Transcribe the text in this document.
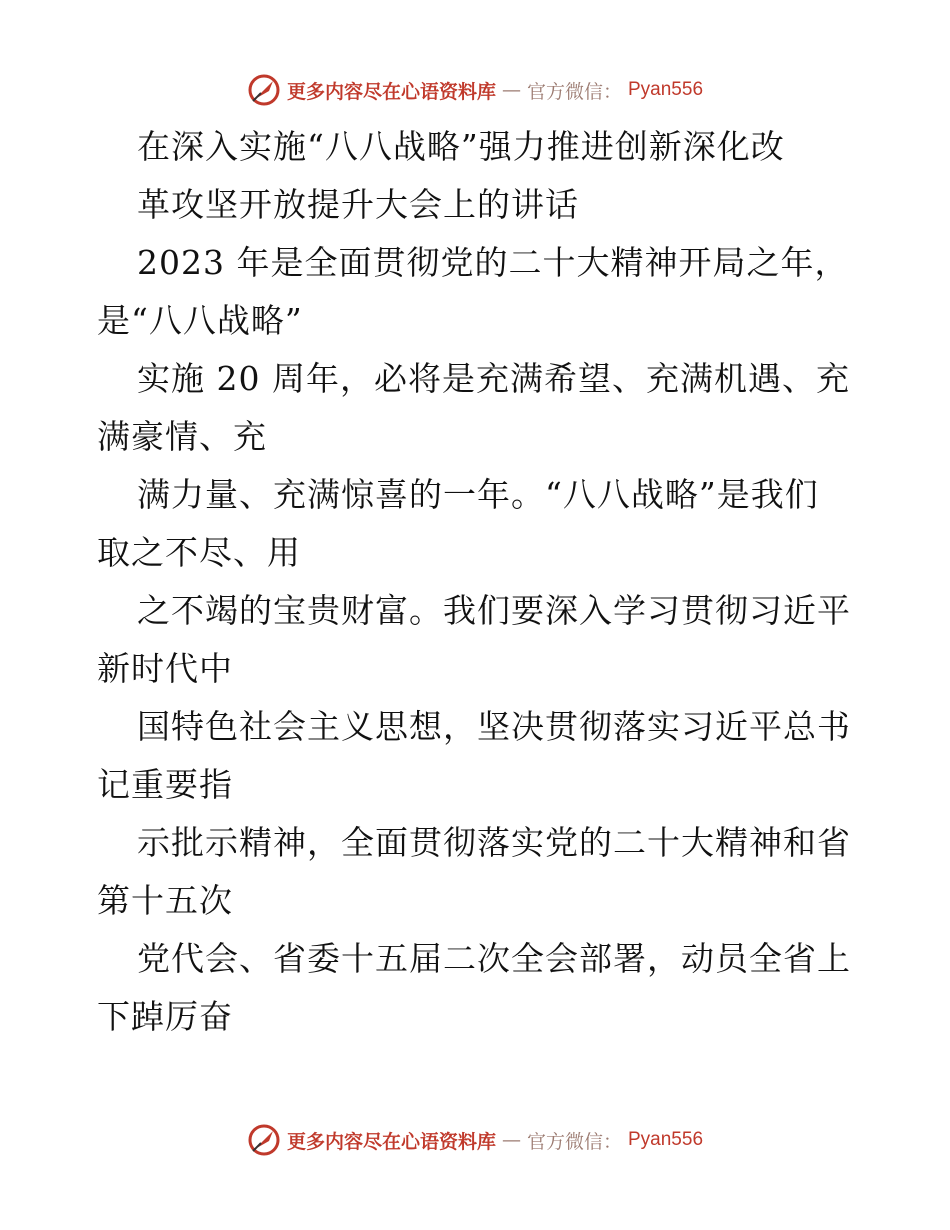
更多内容尽在心语资料库 — 官方微信： Pyan556
在深入实施“八八战略”强力推进创新深化改
革攻坚开放提升大会上的讲话
2023 年是全面贯彻党的二十大精神开局之年，
是“八八战略”
实施 20 周年，必将是充满希望、充满机遇、充
满豪情、充
满力量、充满惊喜的一年。“八八战略”是我们
取之不尽、用
之不竭的宝贵财富。我们要深入学习贯彻习近平
新时代中
国特色社会主义思想，坚决贯彻落实习近平总书
记重要指
示批示精神，全面贯彻落实党的二十大精神和省
第十五次
党代会、省委十五届二次全会部署，动员全省上
下踔厉奋
更多内容尽在心语资料库 — 官方微信： Pyan556
